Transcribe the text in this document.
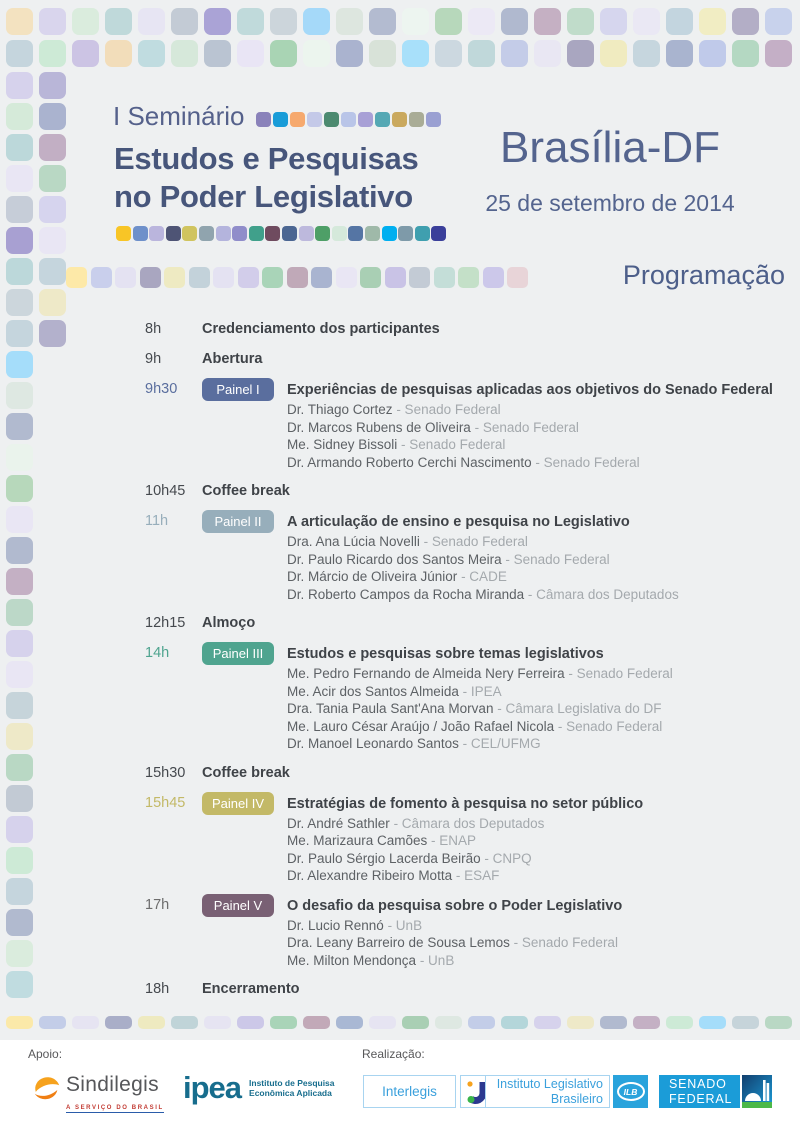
I Seminário
Estudos e Pesquisas
no Poder Legislativo
Brasília-DF
25 de setembro de 2014
Programação
8h	Credenciamento dos participantes
9h	Abertura
9h30	Painel I	Experiências de pesquisas aplicadas aos objetivos do Senado Federal
Dr. Thiago Cortez - Senado Federal
Dr. Marcos Rubens de Oliveira - Senado Federal
Me. Sidney Bissoli - Senado Federal
Dr. Armando Roberto Cerchi Nascimento - Senado Federal
10h45	Coffee break
11h	Painel II	A articulação de ensino e pesquisa no Legislativo
Dra. Ana Lúcia Novelli - Senado Federal
Dr. Paulo Ricardo dos Santos Meira - Senado Federal
Dr. Márcio de Oliveira Júnior - CADE
Dr. Roberto Campos da Rocha Miranda - Câmara dos Deputados
12h15	Almoço
14h	Painel III	Estudos e pesquisas sobre temas legislativos
Me. Pedro Fernando de Almeida Nery Ferreira - Senado Federal
Me. Acir dos Santos Almeida - IPEA
Dra. Tania Paula Sant'Ana Morvan - Câmara Legislativa do DF
Me. Lauro César Araújo / João Rafael Nicola - Senado Federal
Dr. Manoel Leonardo Santos - CEL/UFMG
15h30	Coffee break
15h45	Painel IV	Estratégias de fomento à pesquisa no setor público
Dr. André Sathler - Câmara dos Deputados
Me. Marizaura Camões - ENAP
Dr. Paulo Sérgio Lacerda Beirão - CNPQ
Dr. Alexandre Ribeiro Motta - ESAF
17h	Painel V	O desafio da pesquisa sobre o Poder Legislativo
Dr. Lucio Rennó - UnB
Dra. Leany Barreiro de Sousa Lemos - Senado Federal
Me. Milton Mendonça - UnB
18h	Encerramento
Apoio:	Realização:
Sindilegis
A SERVIÇO DO BRASIL
ipea Instituto de Pesquisa
Econômica Aplicada	Interlegis
Instituto Legislativo
Brasileiro	ILB
SENADO
FEDERAL
